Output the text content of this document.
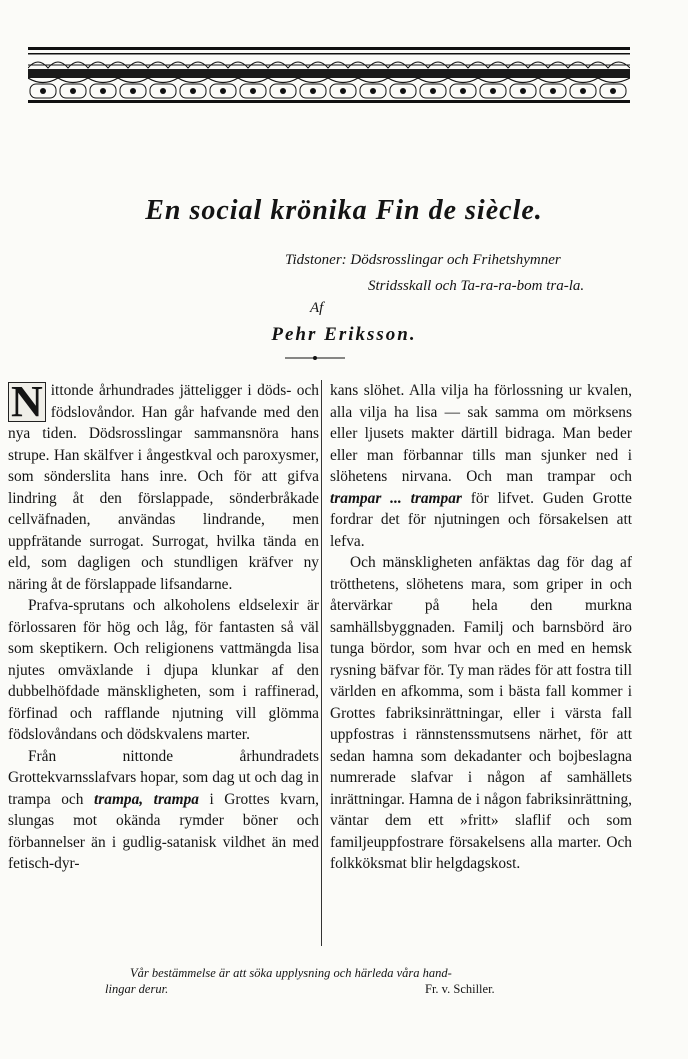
En social krönika Fin de siècle.
Tidstoner: Dödsrosslingar och Frihetshymner
Stridsskall och Ta-ra-ra-bom tra-la.
Af
Pehr Eriksson.

N ittonde århundrades jätteligger i döds- och födslovåndor. Han går hafvande med den nya tiden. Dödsrosslingar sammansnöra hans strupe. Han skälfver i ångestkval och paroxysmer, som sönderslita hans inre. Och för att gifva lindring åt den förslappade, sönderbråkade cellväfnaden, användas lindrande, men uppfrätande surrogat. Surrogat, hvilka tända en eld, som dagligen och stundligen kräfver ny näring åt de förslappade lifsandarne.

Prafva-sprutans och alkoholens eldselexir är förlossaren för hög och låg, för fantasten så väl som skeptikern. Och religionens vattmängda lisa njutes omväxlande i djupa klunkar af den dubbelhöfdade mänskligheten, som i raffinerad, förfinad och rafflande njutning vill glömma födslovåndans och dödskvalens marter.

Från nittonde århundradets Grottekvarnsslafvars hopar, som dag ut och dag in trampa och trampa, trampa i Grottes kvarn, slungas mot okända rymder böner och förbannelser än i gudlig-satanisk vildhet än med fetisch-dyr-

kans slöhet. Alla vilja ha förlossning ur kvalen, alla vilja ha lisa — sak samma om mörksens eller ljusets makter därtill bidraga. Man beder eller man förbannar tills man sjunker ned i slöhetens nirvana. Och man trampar och trampar ... trampar för lifvet. Guden Grotte fordrar det för njutningen och försakelsen att lefva.

Och mänskligheten anfäktas dag för dag af trötthetens, slöhetens mara, som griper in och återvärkar på hela den murkna samhällsbyggnaden. Familj och barnsbörd äro tunga bördor, som hvar och en med en hemsk rysning bäfvar för. Ty man rädes för att fostra till världen en afkomma, som i bästa fall kommer i Grottes fabriksinrättningar, eller i värsta fall uppfostras i rännstenssmutsens närhet, för att sedan hamna som dekadanter och bojbeslagna numrerade slafvar i någon af samhällets inrättningar. Hamna de i någon fabriksinrättning, väntar dem ett »fritt» slaflif och som familjeuppfostrare försakelsens alla marter. Och folkköksmat blir helgdagskost.

Vår bestämmelse är att söka upplysning och härleda våra hand-
lingar derur.	Fr. v. Schiller.
